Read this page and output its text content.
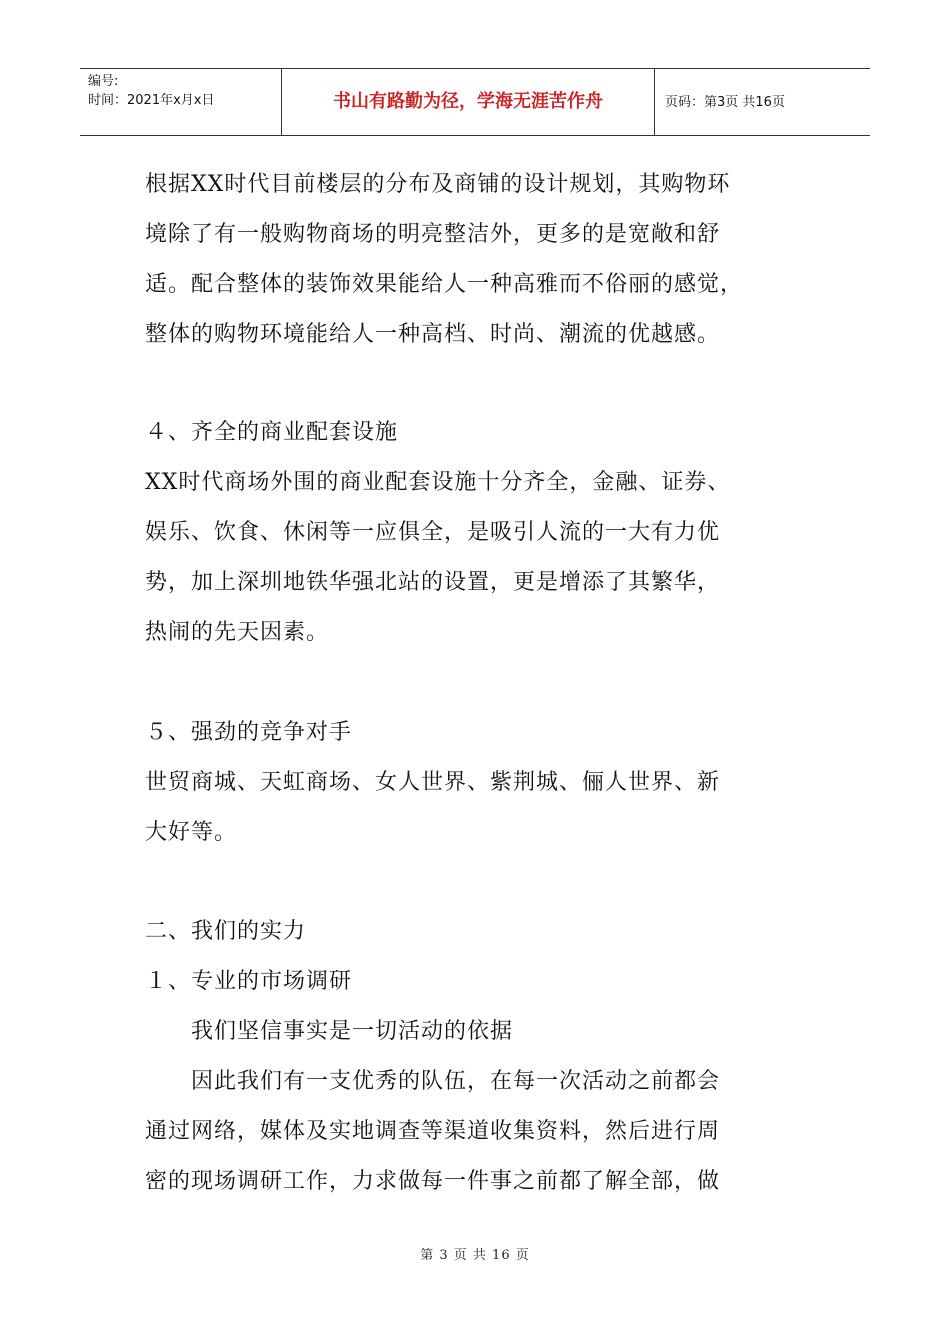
编号:
时间：2021年x月x日	书山有路勤为径，学海无涯苦作舟	页码：第3页 共16页
根据XX时代目前楼层的分布及商铺的设计规划，其购物环
境除了有一般购物商场的明亮整洁外，更多的是宽敞和舒
适。配合整体的装饰效果能给人一种高雅而不俗丽的感觉，
整体的购物环境能给人一种高档、时尚、潮流的优越感。
４、齐全的商业配套设施
XX时代商场外围的商业配套设施十分齐全，金融、证券、
娱乐、饮食、休闲等一应俱全，是吸引人流的一大有力优
势，加上深圳地铁华强北站的设置，更是增添了其繁华，
热闹的先天因素。
５、强劲的竞争对手
世贸商城、天虹商场、女人世界、紫荆城、俪人世界、新
大好等。
二、我们的实力
１、专业的市场调研
　　我们坚信事实是一切活动的依据
　　因此我们有一支优秀的队伍，在每一次活动之前都会
通过网络，媒体及实地调查等渠道收集资料，然后进行周
密的现场调研工作，力求做每一件事之前都了解全部，做
第 3 页 共 16 页
